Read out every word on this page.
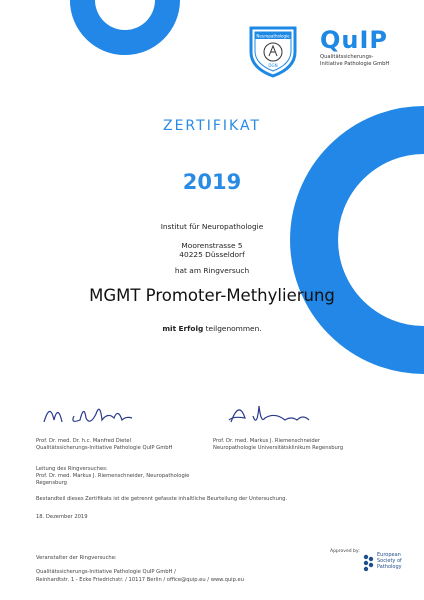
Neuropathologie
DGN
QuIP
Qualitätssicherungs-
Initiative Pathologie GmbH
ZERTIFIKAT
2019
Institut für Neuropathologie
Moorenstrasse 5
40225 Düsseldorf
hat am Ringversuch
MGMT Promoter-Methylierung
mit Erfolg teilgenommen.
Prof. Dr. med. Dr. h.c. Manfred Dietel
Qualitätssicherungs-Initiative Pathologie QuIP GmbH
Prof. Dr. med. Markus J. Riemenschneider
Neuropathologie Universitätsklinikum Regensburg
Leitung des Ringversuches:
Prof. Dr. med. Markus J. Riemenschneider, Neuropathologie
Regensburg
Bestandteil dieses Zertifikats ist die getrennt gefasste inhaltliche Beurteilung der Untersuchung.
18. Dezember 2019
Veranstalter der Ringversuche:
Qualitätssicherungs-Initiative Pathologie QuIP GmbH /
Reinhardtstr. 1 - Ecke Friedrichstr. / 10117 Berlin / office@quip.eu / www.quip.eu
Approved by:
European
Society of
Pathology
